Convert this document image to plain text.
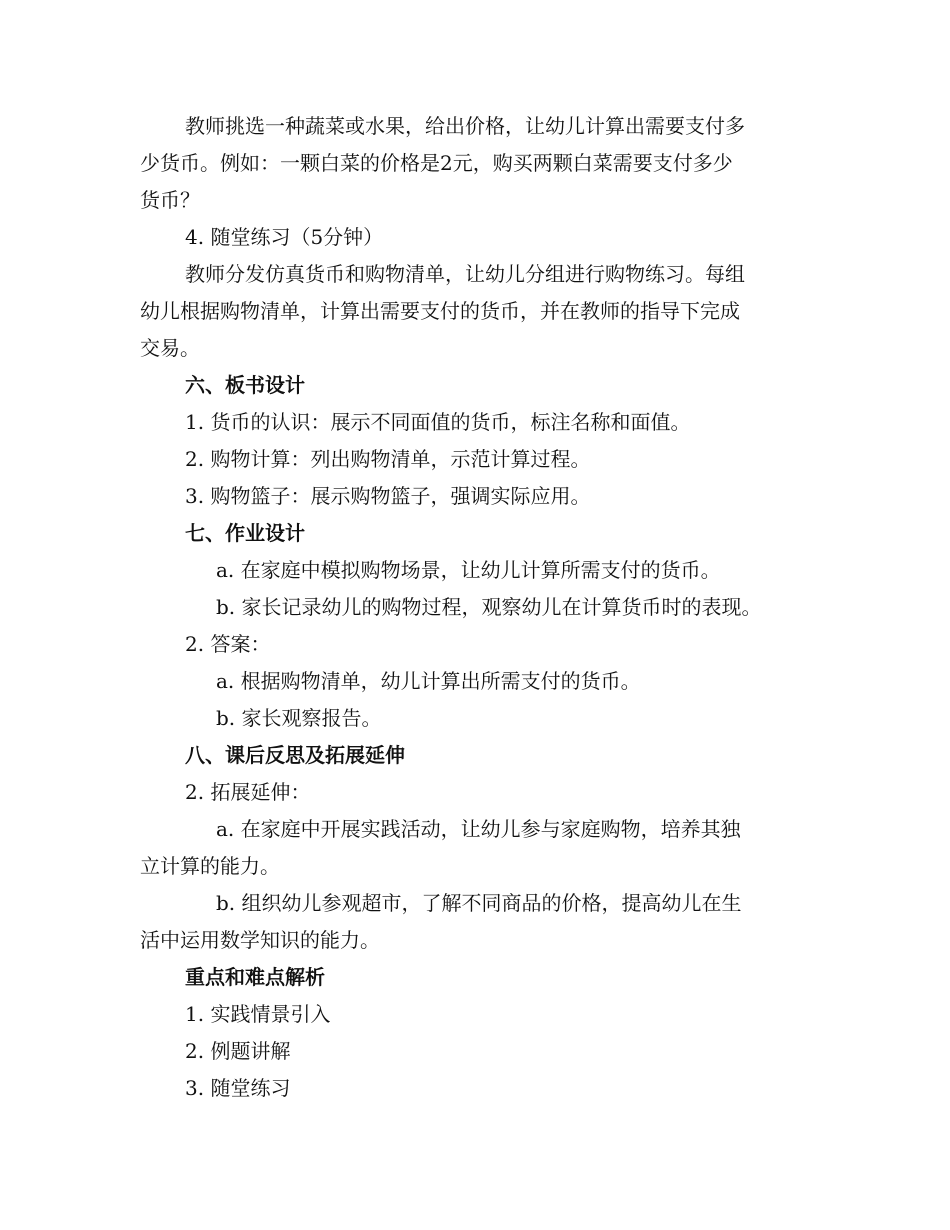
教师挑选一种蔬菜或水果，给出价格，让幼儿计算出需要支付多
少货币。例如：一颗白菜的价格是2元，购买两颗白菜需要支付多少
货币？
4. 随堂练习（5分钟）
教师分发仿真货币和购物清单，让幼儿分组进行购物练习。每组
幼儿根据购物清单，计算出需要支付的货币，并在教师的指导下完成
交易。
六、板书设计
1. 货币的认识：展示不同面值的货币，标注名称和面值。
2. 购物计算：列出购物清单，示范计算过程。
3. 购物篮子：展示购物篮子，强调实际应用。
七、作业设计
a. 在家庭中模拟购物场景，让幼儿计算所需支付的货币。
b. 家长记录幼儿的购物过程，观察幼儿在计算货币时的表现。
2. 答案：
a. 根据购物清单，幼儿计算出所需支付的货币。
b. 家长观察报告。
八、课后反思及拓展延伸
2. 拓展延伸：
a. 在家庭中开展实践活动，让幼儿参与家庭购物，培养其独
立计算的能力。
b. 组织幼儿参观超市，了解不同商品的价格，提高幼儿在生
活中运用数学知识的能力。
重点和难点解析
1. 实践情景引入
2. 例题讲解
3. 随堂练习
